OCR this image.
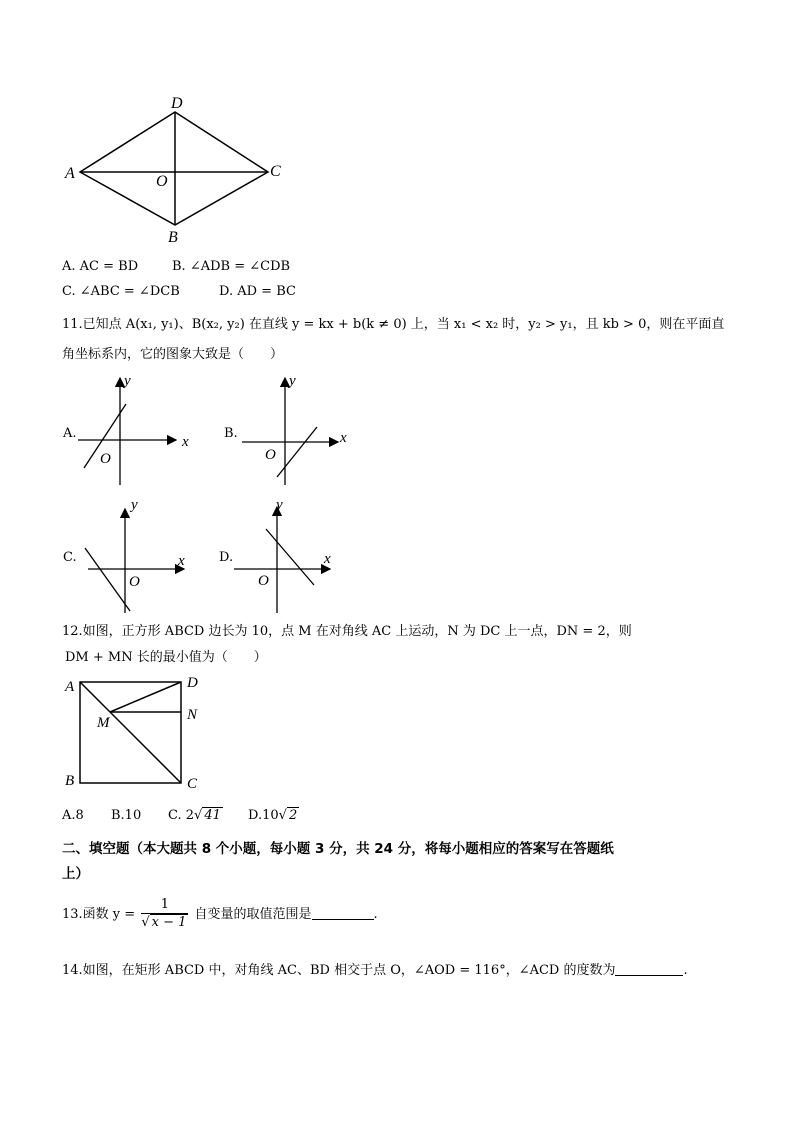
D
A	O
C
B
A. AC = BD	B. ∠ADB = ∠CDB
C. ∠ABC = ∠DCB	D. AD = BC
11.已知点 A(x₁, y₁)、B(x₂, y₂) 在直线 y = kx + b(k ≠ 0) 上，当 x₁ < x₂ 时，y₂ > y₁，且 kb > 0，则在平面直
角坐标系内，它的图象大致是（　　）
A.
y
x
O
B.
y
x
O
C.
y
x
O
D.
y
x
O
12.如图，正方形 ABCD 边长为 10，点 M 在对角线 AC 上运动，N 为 DC 上一点，DN = 2，则
DM + MN 长的最小值为（　　）
A	D
N
M
B	C
A.8 B.10 C. 2√ 41 D.10√ 2
二、填空题（本大题共 8 个小题，每小题 3 分，共 24 分，将每小题相应的答案写在答题纸
上）
13.函数 $y = \frac{1}{√ x - 1}$ 自变量的取值范围是	.
14.如图，在矩形 ABCD 中，对角线 AC、BD 相交于点 O，∠AOD = 116°，∠ACD 的度数为	.
